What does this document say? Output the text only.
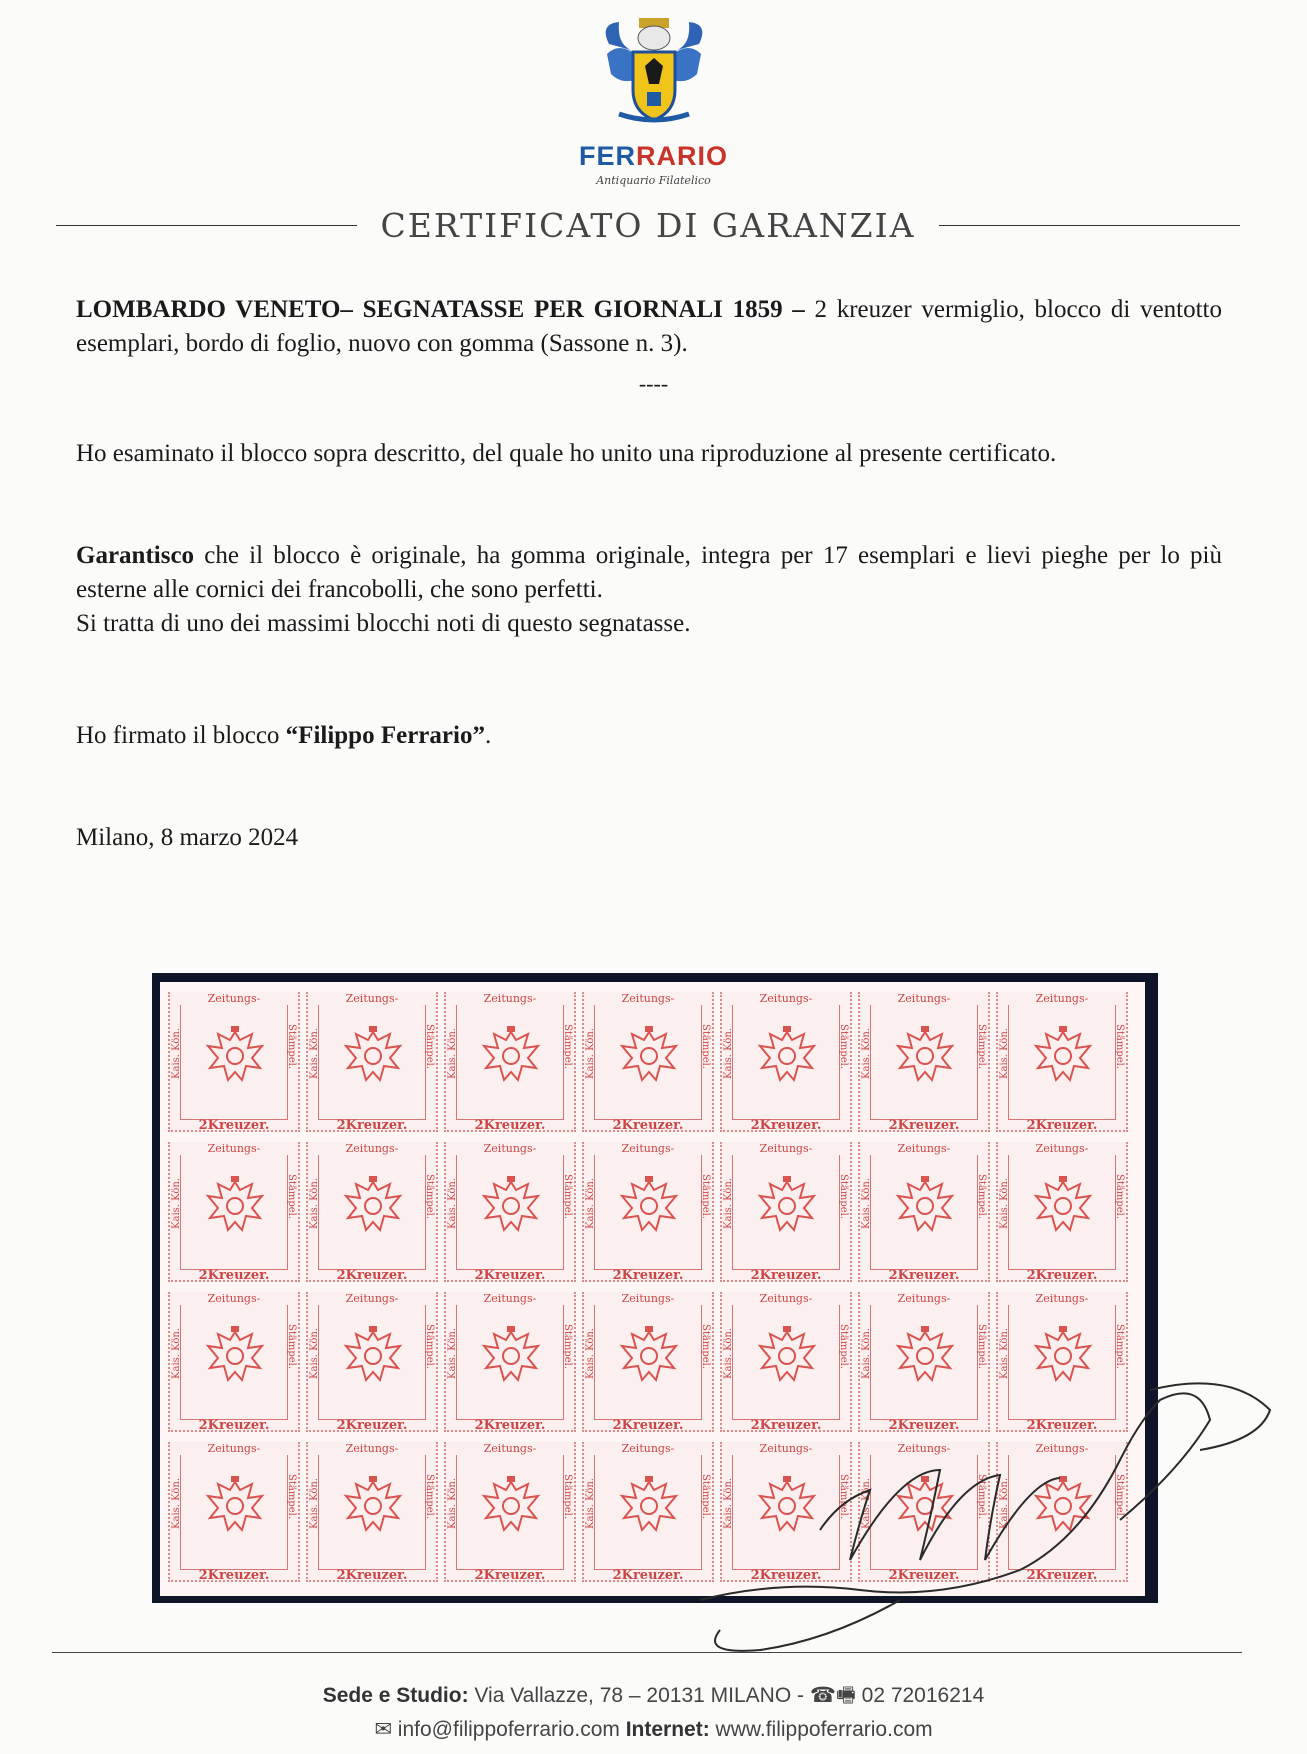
FERRARIO
Antiquario Filatelico
CERTIFICATO DI GARANZIA
LOMBARDO VENETO– SEGNATASSE PER GIORNALI 1859 – 2 kreuzer vermiglio, blocco di ventotto esemplari, bordo di foglio, nuovo con gomma (Sassone n. 3).
----
Ho esaminato il blocco sopra descritto, del quale ho unito una riproduzione al presente certificato.
Garantisco che il blocco è originale, ha gomma originale, integra per 17 esemplari e lievi pieghe per lo più esterne alle cornici dei francobolli, che sono perfetti.
Si tratta di uno dei massimi blocchi noti di questo segnatasse.
Ho firmato il blocco “Filippo Ferrario”.
Milano, 8 marzo 2024
Zeitungs-
Kais. Kön.	Stämpel.
2Kreuzer.
Zeitungs-
Kais. Kön.	Stämpel.
2Kreuzer.
Zeitungs-
Kais. Kön.	Stämpel.
2Kreuzer.
Zeitungs-
Kais. Kön.	Stämpel.
2Kreuzer.
Zeitungs-
Kais. Kön.	Stämpel.
2Kreuzer.
Zeitungs-
Kais. Kön.	Stämpel.
2Kreuzer.
Zeitungs-
Kais. Kön.	Stämpel.
2Kreuzer.
Zeitungs-
Kais. Kön.	Stämpel.
2Kreuzer.
Zeitungs-
Kais. Kön.	Stämpel.
2Kreuzer.
Zeitungs-
Kais. Kön.	Stämpel.
2Kreuzer.
Zeitungs-
Kais. Kön.	Stämpel.
2Kreuzer.
Zeitungs-
Kais. Kön.	Stämpel.
2Kreuzer.
Zeitungs-
Kais. Kön.	Stämpel.
2Kreuzer.
Zeitungs-
Kais. Kön.	Stämpel.
2Kreuzer.
Zeitungs-
Kais. Kön.	Stämpel.
2Kreuzer.
Zeitungs-
Kais. Kön.	Stämpel.
2Kreuzer.
Zeitungs-
Kais. Kön.	Stämpel.
2Kreuzer.
Zeitungs-
Kais. Kön.	Stämpel.
2Kreuzer.
Zeitungs-
Kais. Kön.	Stämpel.
2Kreuzer.
Zeitungs-
Kais. Kön.	Stämpel.
2Kreuzer.
Zeitungs-
Kais. Kön.	Stämpel.
2Kreuzer.
Zeitungs-
Kais. Kön.	Stämpel.
2Kreuzer.
Zeitungs-
Kais. Kön.	Stämpel.
2Kreuzer.
Zeitungs-
Kais. Kön.	Stämpel.
2Kreuzer.
Zeitungs-
Kais. Kön.	Stämpel.
2Kreuzer.
Zeitungs-
Kais. Kön.	Stämpel.
2Kreuzer.
Zeitungs-
Kais. Kön.	Stämpel.
2Kreuzer.
Zeitungs-
Kais. Kön.	Stämpel.
2Kreuzer.
Sede e Studio: Via Vallazze, 78 – 20131 MILANO - ☎🖷 02 72016214
✉ info@filippoferrario.com Internet: www.filippoferrario.com
